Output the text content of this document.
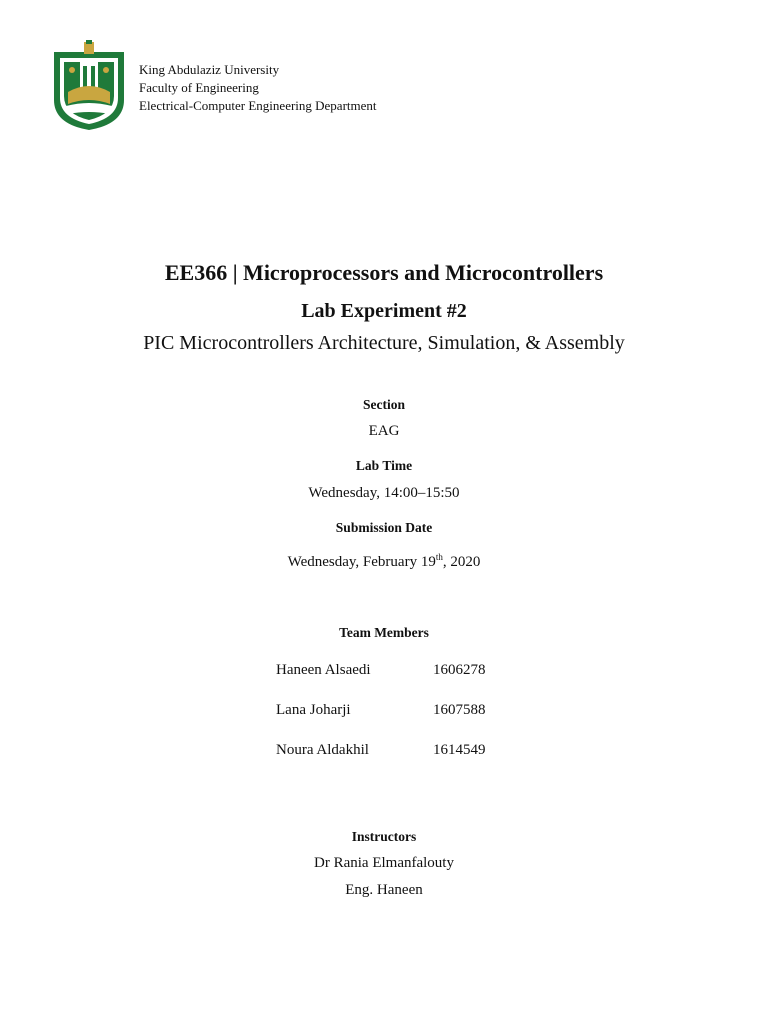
King Abdulaziz University
Faculty of Engineering
Electrical-Computer Engineering Department
EE366 | Microprocessors and Microcontrollers
Lab Experiment #2
PIC Microcontrollers Architecture, Simulation, & Assembly
Section
EAG
Lab Time
Wednesday, 14:00–15:50
Submission Date
Wednesday, February 19th, 2020
Team Members
Haneen Alsaedi	1606278
Lana Joharji	1607588
Noura Aldakhil	1614549
Instructors
Dr Rania Elmanfalouty
Eng. Haneen
